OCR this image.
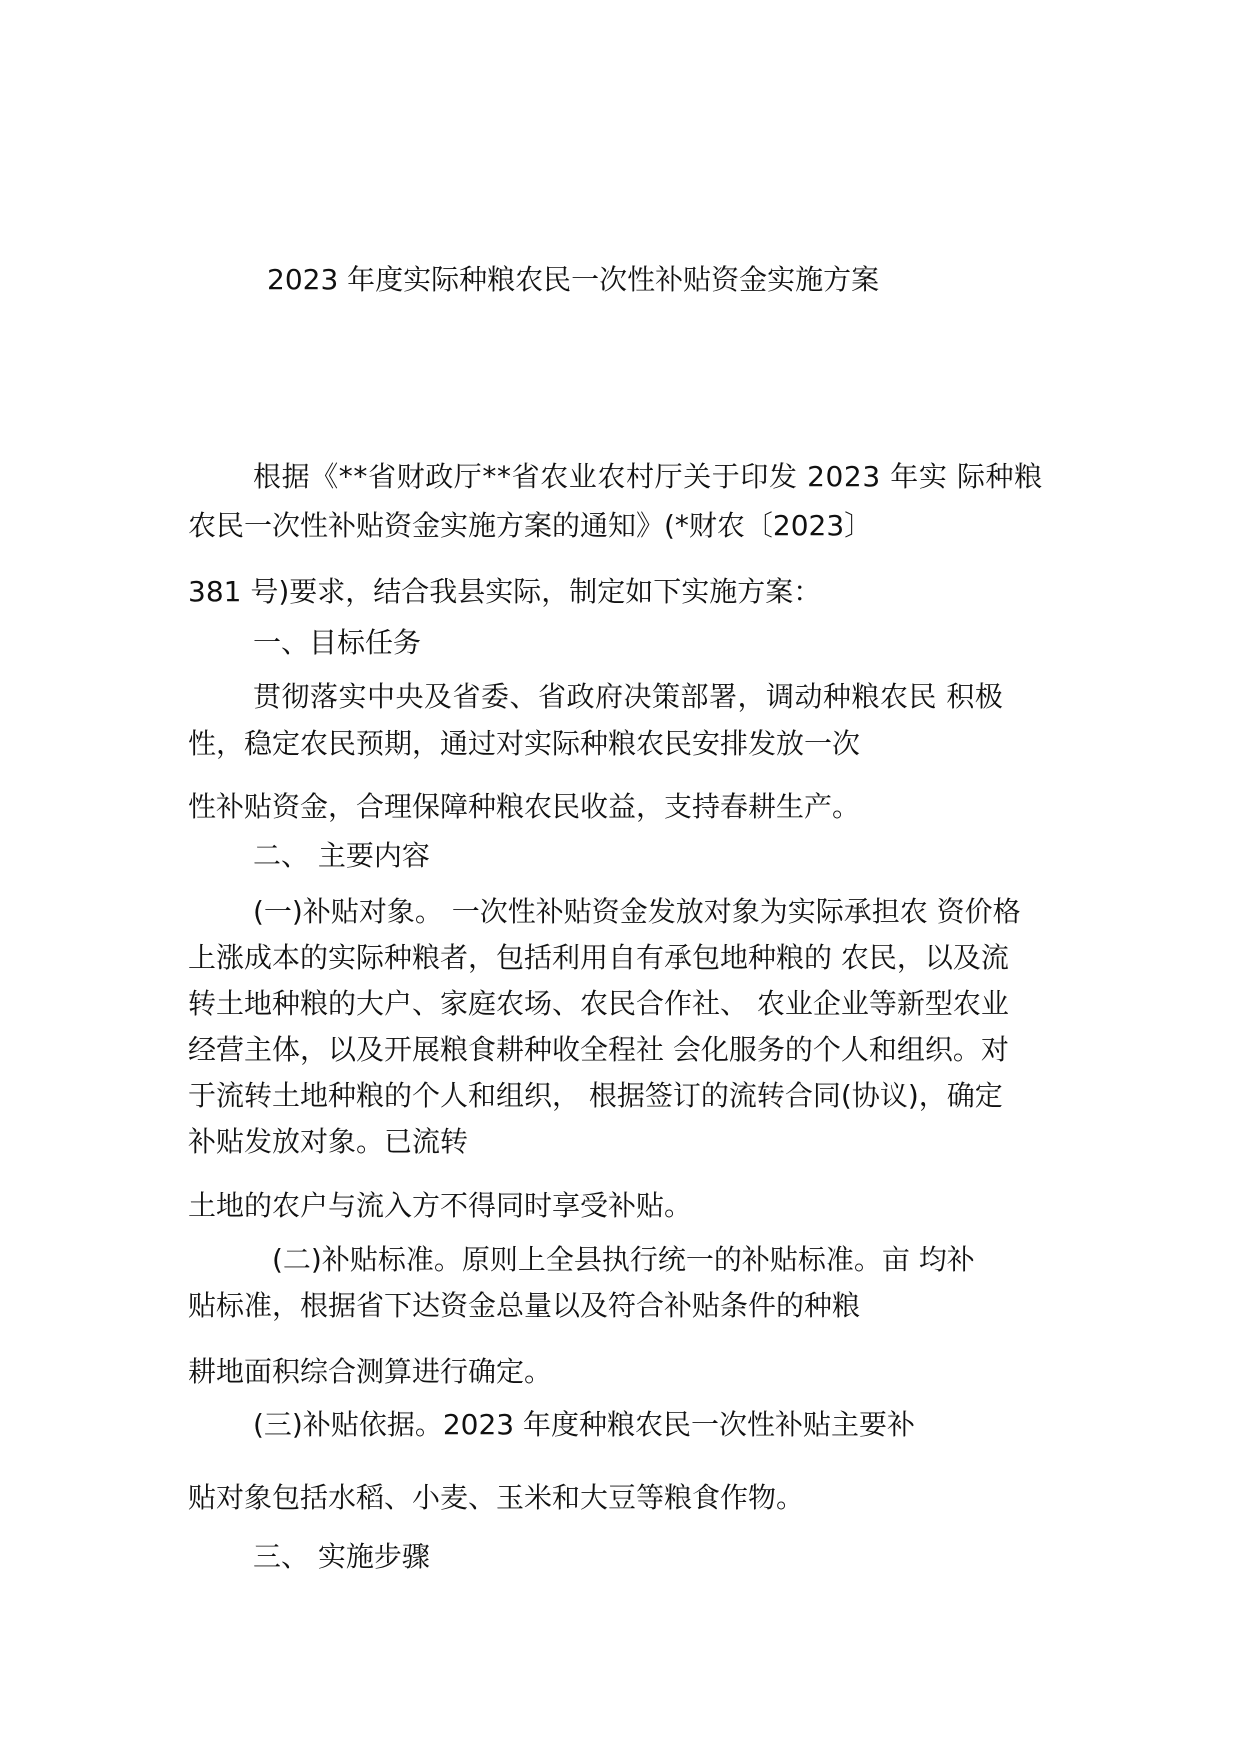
2023 年度实际种粮农民一次性补贴资金实施方案
根据《**省财政厅**省农业农村厅关于印发 2023 年实 际种粮
农民一次性补贴资金实施方案的通知》(*财农〔2023〕
381 号)要求，结合我县实际，制定如下实施方案：
一、目标任务
贯彻落实中央及省委、省政府决策部署，调动种粮农民 积极
性，稳定农民预期，通过对实际种粮农民安排发放一次
性补贴资金，合理保障种粮农民收益，支持春耕生产。
二、 主要内容
(一)补贴对象。 一次性补贴资金发放对象为实际承担农 资价格
上涨成本的实际种粮者，包括利用自有承包地种粮的 农民，以及流
转土地种粮的大户、家庭农场、农民合作社、 农业企业等新型农业
经营主体，以及开展粮食耕种收全程社 会化服务的个人和组织。对
于流转土地种粮的个人和组织， 根据签订的流转合同(协议)，确定
补贴发放对象。已流转
土地的农户与流入方不得同时享受补贴。
(二)补贴标准。原则上全县执行统一的补贴标准。亩 均补
贴标准，根据省下达资金总量以及符合补贴条件的种粮
耕地面积综合测算进行确定。
(三)补贴依据。2023 年度种粮农民一次性补贴主要补
贴对象包括水稻、小麦、玉米和大豆等粮食作物。
三、 实施步骤
